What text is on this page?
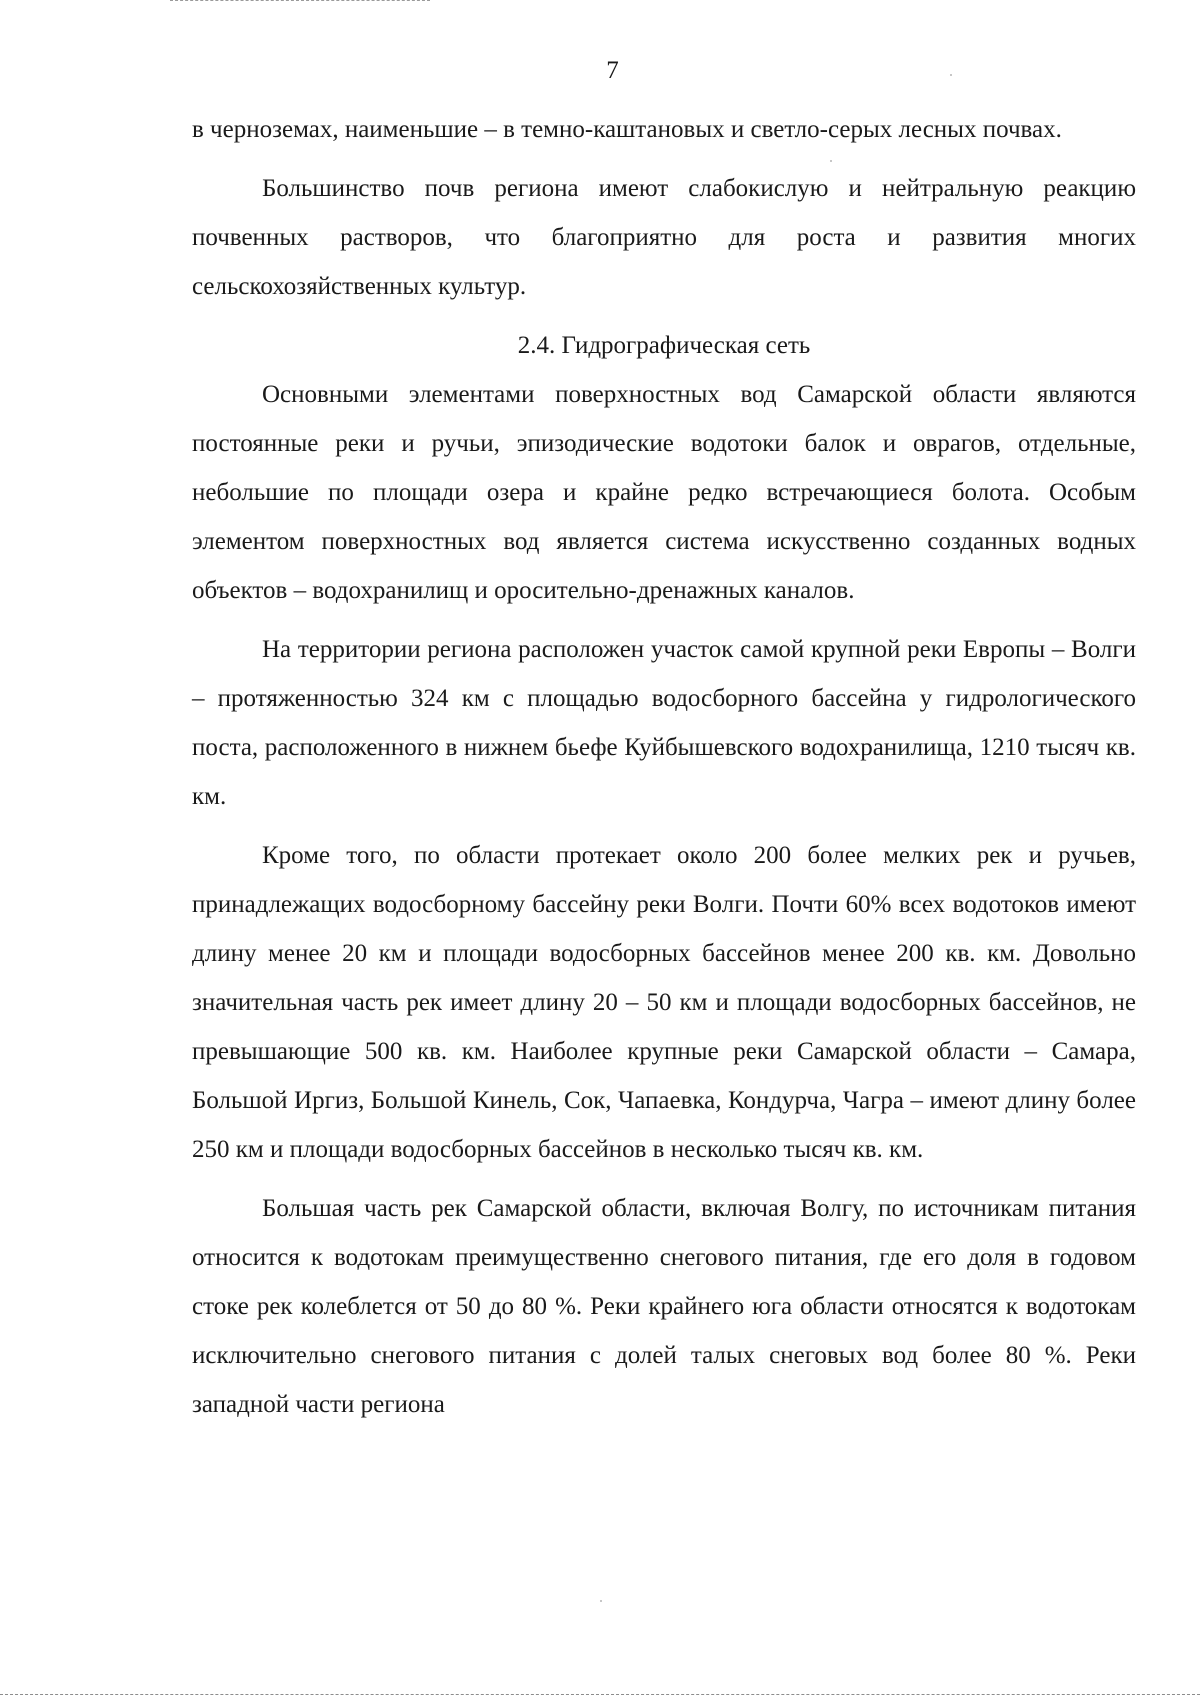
7

в черноземах, наименьшие – в темно-каштановых и светло-серых лесных почвах.

Большинство почв региона имеют слабокислую и нейтральную реакцию почвенных растворов, что благоприятно для роста и развития многих сельскохозяйственных культур.

2.4. Гидрографическая сеть

Основными элементами поверхностных вод Самарской области являются постоянные реки и ручьи, эпизодические водотоки балок и оврагов, отдельные, небольшие по площади озера и крайне редко встречающиеся болота. Особым элементом поверхностных вод является система искусственно созданных водных объектов – водохранилищ и оросительно-дренажных каналов.

На территории региона расположен участок самой крупной реки Европы – Волги – протяженностью 324 км с площадью водосборного бассейна у гидрологического поста, расположенного в нижнем бьефе Куйбышевского водохранилища, 1210 тысяч кв. км.

Кроме того, по области протекает около 200 более мелких рек и ручьев, принадлежащих водосборному бассейну реки Волги. Почти 60% всех водотоков имеют длину менее 20 км и площади водосборных бассейнов менее 200 кв. км. Довольно значительная часть рек имеет длину 20 – 50 км и площади водосборных бассейнов, не превышающие 500 кв. км. Наиболее крупные реки Самарской области – Самара, Большой Иргиз, Большой Кинель, Сок, Чапаевка, Кондурча, Чагра – имеют длину более 250 км и площади водосборных бассейнов в несколько тысяч кв. км.

Большая часть рек Самарской области, включая Волгу, по источникам питания относится к водотокам преимущественно снегового питания, где его доля в годовом стоке рек колеблется от 50 до 80 %. Реки крайнего юга области относятся к водотокам исключительно снегового питания с долей талых снеговых вод более 80 %. Реки западной части региона
